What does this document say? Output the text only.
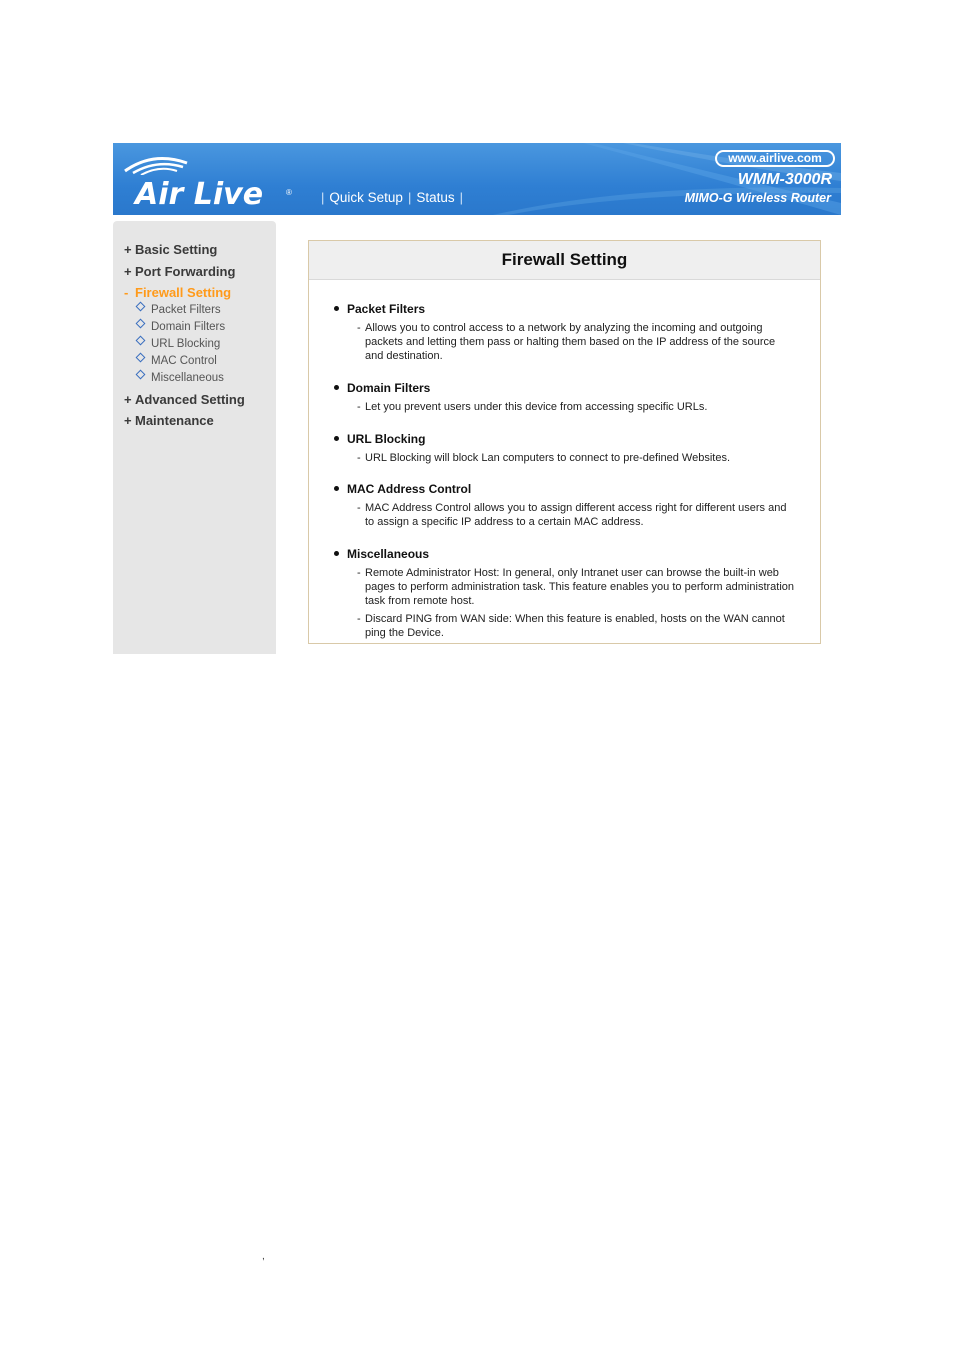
Air Live	® | Quick Setup | Status |
www.airlive.com
WMM-3000R
MIMO-G Wireless Router
+ Basic Setting
+ Port Forwarding
- Firewall Setting
Packet Filters
Domain Filters
URL Blocking
MAC Control
Miscellaneous
+ Advanced Setting
+ Maintenance
Firewall Setting
Packet Filters
- Allows you to control access to a network by analyzing the incoming and outgoing packets and letting them pass or halting them based on the IP address of the source and destination.
Domain Filters
- Let you prevent users under this device from accessing specific URLs.
URL Blocking
- URL Blocking will block Lan computers to connect to pre-defined Websites.
MAC Address Control
- MAC Address Control allows you to assign different access right for different users and to assign a specific IP address to a certain MAC address.
Miscellaneous
- Remote Administrator Host: In general, only Intranet user can browse the built-in web pages to perform administration task. This feature enables you to perform administration task from remote host.
- Discard PING from WAN side: When this feature is enabled, hosts on the WAN cannot ping the Device.
,
